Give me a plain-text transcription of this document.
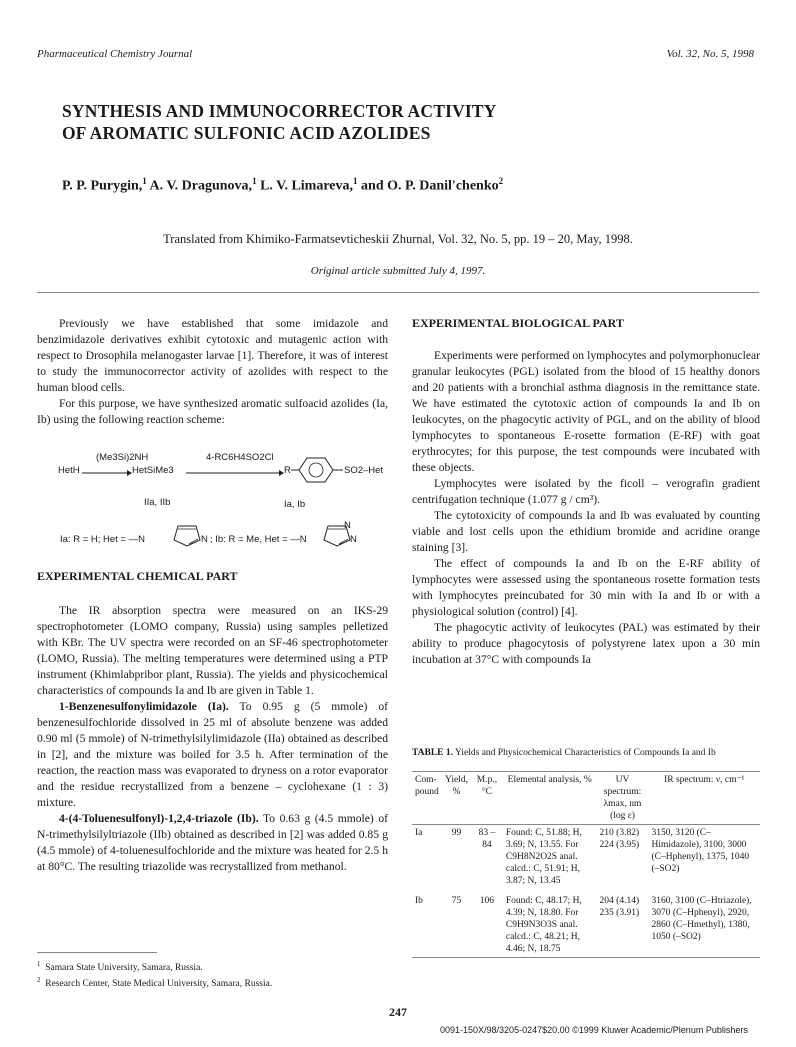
Pharmaceutical Chemistry Journal	Vol. 32, No. 5, 1998
SYNTHESIS AND IMMUNOCORRECTOR ACTIVITY
OF AROMATIC SULFONIC ACID AZOLIDES
P. P. Purygin,$^1$ A. V. Dragunova,$^1$ L. V. Limareva,$^1$ and O. P. Danil'chenko$^2$
Translated from Khimiko-Farmatsevticheskii Zhurnal, Vol. 32, No. 5, pp. 19 – 20, May, 1998.
Original article submitted July 4, 1997.

Previously we have established that some imidazole and benzimidazole derivatives exhibit cytotoxic and mutagenic action with respect to Drosophila melanogaster larvae [1]. Therefore, it was of interest to study the immunocorrector activity of azolides with respect to the human blood cells.

For this purpose, we have synthesized aromatic sulfoacid azolides (Ia, Ib) using the following reaction scheme:

(Me3Si)2NH	4-RC6H4SO2Cl
HetH	HetSiMe3	R	SO2–Het
IIa, IIb	Ia, Ib
Ia: R = H; Het = —N	N ; Ib: R = Me, Het = —N
N
N
EXPERIMENTAL CHEMICAL PART

The IR absorption spectra were measured on an IKS-29 spectrophotometer (LOMO company, Russia) using samples pelletized with KBr. The UV spectra were recorded on an SF-46 spectrophotometer (LOMO, Russia). The melting temperatures were determined using a PTP instrument (Khimlabpribor plant, Russia). The yields and physicochemical characteristics of compounds Ia and Ib are given in Table 1.

1-Benzenesulfonylimidazole (Ia). To 0.95 g (5 mmole) of benzenesulfochloride dissolved in 25 ml of absolute benzene was added 0.90 ml (5 mmole) of N-trimethylsilylimidazole (IIa) obtained as described in [2], and the mixture was boiled for 3.5 h. After termination of the reaction, the reaction mass was evaporated to dryness on a rotor evaporator and the residue recrystallized from a benzene – cyclohexane (1 : 3) mixture.

4-(4-Toluenesulfonyl)-1,2,4-triazole (Ib). To 0.63 g (4.5 mmole) of N-trimethylsilyltriazole (IIb) obtained as described in [2] was added 0.85 g (4.5 mmole) of 4-toluenesulfochloride and the mixture was heated for 2.5 h at 80°C. The resulting triazolide was recrystallized from methanol.

$^1$ Samara State University, Samara, Russia.
$^2$ Research Center, State Medical University, Samara, Russia.
EXPERIMENTAL BIOLOGICAL PART

Experiments were performed on lymphocytes and polymorphonuclear granular leukocytes (PGL) isolated from the blood of 15 healthy donors and 20 patients with a bronchial asthma diagnosis in the remittance state. We have estimated the cytotoxic action of compounds Ia and Ib on leukocytes, on the phagocytic activity of PGL, and on the ability of blood lymphocytes to spontaneous E-rosette formation (E-RF) with goat erythrocytes; for this purpose, the test compounds were incubated with these objects.

Lymphocytes were isolated by the ficoll – verografin gradient centrifugation technique (1.077 g / cm³).

The cytotoxicity of compounds Ia and Ib was evaluated by counting viable and lost cells upon the ethidium bromide and acridine orange staining [3].

The effect of compounds Ia and Ib on the E-RF ability of lymphocytes were assessed using the spontaneous rosette formation tests with lymphocytes preincubated for 30 min with Ia and Ib or with a physiological solution (control) [4].

The phagocytic activity of leukocytes (PAL) was estimated by their ability to produce phagocytosis of polystyrene latex upon a 30 min incubation at 37°C with compounds Ia

TABLE 1. Yields and Physicochemical Characteristics of Compounds Ia and Ib
Com- pound	Yield, %	M.p., °C	Elemental analysis, %	UV spectrum: λmax, nm (log ε)	IR spectrum: ν, cm⁻¹

Ia	99	83 – 84	Found: C, 51.88; H, 3.69; N, 13.55. For C9H8N2O2S anal. calcd.: C, 51.91; H, 3.87; N, 13.45	210 (3.82) 224 (3.95)	3150, 3120 (C–Himidazole), 3100, 3000 (C–Hphenyl), 1375, 1040 (–SO2)

Ib	75	106	Found: C, 48.17; H, 4.39; N, 18.80. For C9H9N3O3S anal. calcd.: C, 48.21; H, 4.46; N, 18.75	204 (4.14) 235 (3.91)	3160, 3100 (C–Htriazole), 3070 (C–Hphenyl), 2920, 2860 (C–Hmethyl), 1380, 1050 (–SO2)

247
0091-150X/98/3205-0247$20.00 ©1999 Kluwer Academic/Plenum Publishers
